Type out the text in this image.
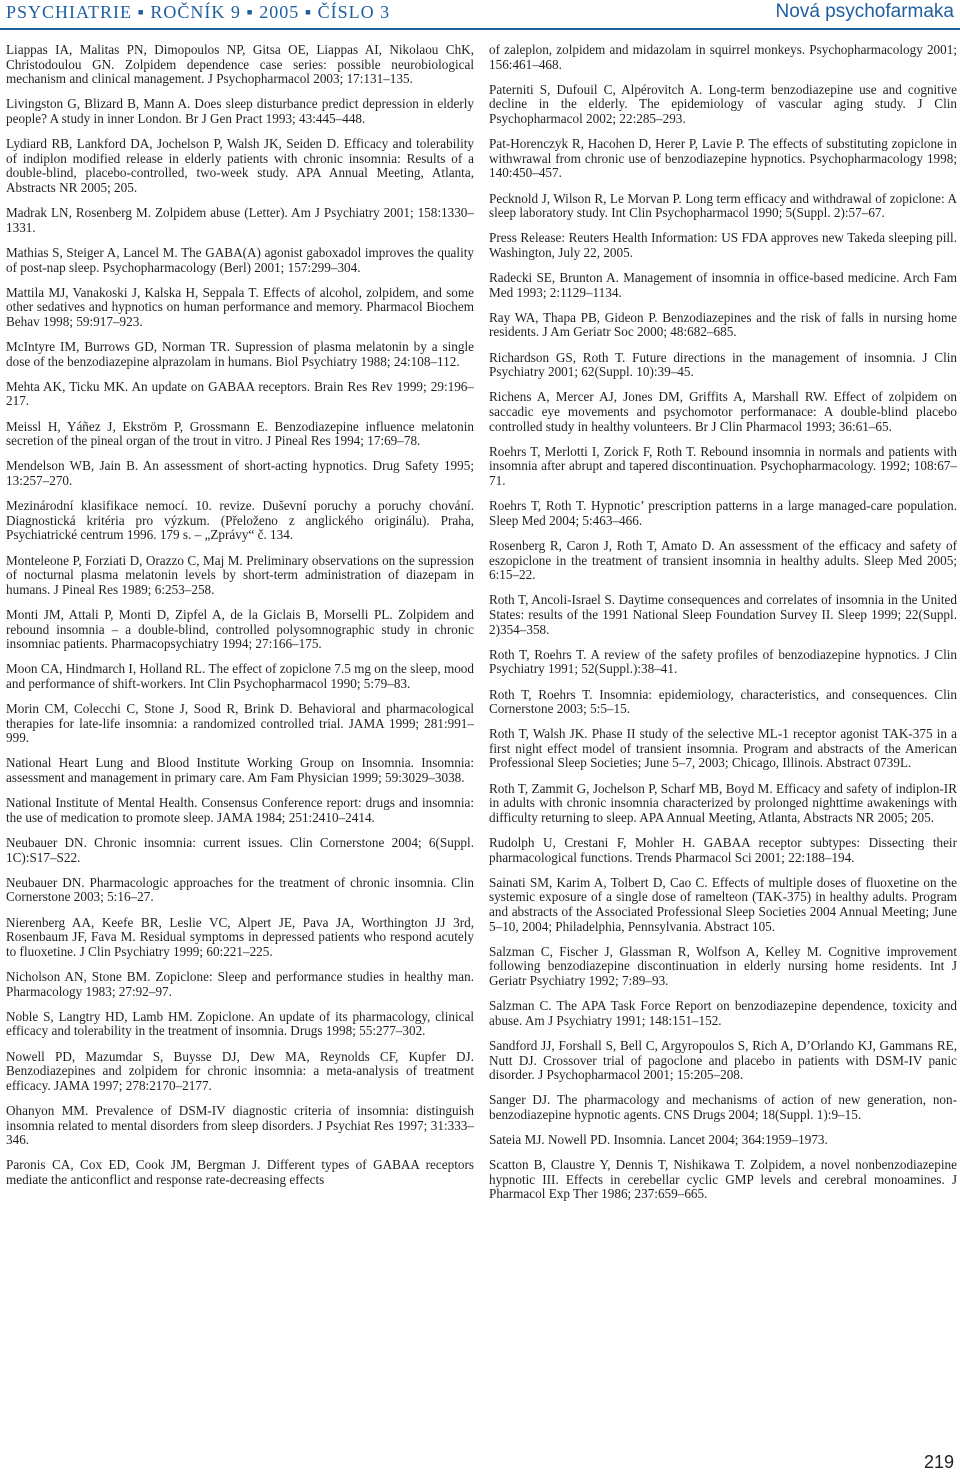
PSYCHIATRIE ▪ ROČNÍK 9 ▪ 2005 ▪ ČÍSLO 3	Nová psychofarmaka

Liappas IA, Malitas PN, Dimopoulos NP, Gitsa OE, Liappas AI, Nikolaou ChK, Christodoulou GN. Zolpidem dependence case series: possible neurobiological mechanism and clinical management. J Psychopharmacol 2003; 17:131–135.

Livingston G, Blizard B, Mann A. Does sleep disturbance predict depression in elderly people? A study in inner London. Br J Gen Pract 1993; 43:445–448.

Lydiard RB, Lankford DA, Jochelson P, Walsh JK, Seiden D. Efficacy and tolerability of indiplon modified release in elderly patients with chronic insomnia: Results of a double-blind, placebo-controlled, two-week study. APA Annual Meeting, Atlanta, Abstracts NR 2005; 205.

Madrak LN, Rosenberg M. Zolpidem abuse (Letter). Am J Psychiatry 2001; 158:1330–1331.

Mathias S, Steiger A, Lancel M. The GABA(A) agonist gaboxadol improves the quality of post-nap sleep. Psychopharmacology (Berl) 2001; 157:299–304.

Mattila MJ, Vanakoski J, Kalska H, Seppala T. Effects of alcohol, zolpidem, and some other sedatives and hypnotics on human performance and memory. Pharmacol Biochem Behav 1998; 59:917–923.

McIntyre IM, Burrows GD, Norman TR. Supression of plasma melatonin by a single dose of the benzodiazepine alprazolam in humans. Biol Psychiatry 1988; 24:108–112.

Mehta AK, Ticku MK. An update on GABAA receptors. Brain Res Rev 1999; 29:196–217.

Meissl H, Yáñez J, Ekström P, Grossmann E. Benzodiazepine influence melatonin secretion of the pineal organ of the trout in vitro. J Pineal Res 1994; 17:69–78.

Mendelson WB, Jain B. An assessment of short-acting hypnotics. Drug Safety 1995; 13:257–270.

Mezinárodní klasifikace nemocí. 10. revize. Duševní poruchy a poruchy chování. Diagnostická kritéria pro výzkum. (Přeloženo z anglického originálu). Praha, Psychiatrické centrum 1996. 179 s. – „Zprávy“ č. 134.

Monteleone P, Forziati D, Orazzo C, Maj M. Preliminary observations on the supression of nocturnal plasma melatonin levels by short-term administration of diazepam in humans. J Pineal Res 1989; 6:253–258.

Monti JM, Attali P, Monti D, Zipfel A, de la Giclais B, Morselli PL. Zolpidem and rebound insomnia – a double-blind, controlled polysomnographic study in chronic insomniac patients. Pharmacopsychiatry 1994; 27:166–175.

Moon CA, Hindmarch I, Holland RL. The effect of zopiclone 7.5 mg on the sleep, mood and performance of shift-workers. Int Clin Psychopharmacol 1990; 5:79–83.

Morin CM, Colecchi C, Stone J, Sood R, Brink D. Behavioral and pharmacological therapies for late-life insomnia: a randomized controlled trial. JAMA 1999; 281:991–999.

National Heart Lung and Blood Institute Working Group on Insomnia. Insomnia: assessment and management in primary care. Am Fam Physician 1999; 59:3029–3038.

National Institute of Mental Health. Consensus Conference report: drugs and insomnia: the use of medication to promote sleep. JAMA 1984; 251:2410–2414.

Neubauer DN. Chronic insomnia: current issues. Clin Cornerstone 2004; 6(Suppl. 1C):S17–S22.

Neubauer DN. Pharmacologic approaches for the treatment of chronic insomnia. Clin Cornerstone 2003; 5:16–27.

Nierenberg AA, Keefe BR, Leslie VC, Alpert JE, Pava JA, Worthington JJ 3rd, Rosenbaum JF, Fava M. Residual symptoms in depressed patients who respond acutely to fluoxetine. J Clin Psychiatry 1999; 60:221–225.

Nicholson AN, Stone BM. Zopiclone: Sleep and performance studies in healthy man. Pharmacology 1983; 27:92–97.

Noble S, Langtry HD, Lamb HM. Zopiclone. An update of its pharmacology, clinical efficacy and tolerability in the treatment of insomnia. Drugs 1998; 55:277–302.

Nowell PD, Mazumdar S, Buysse DJ, Dew MA, Reynolds CF, Kupfer DJ. Benzodiazepines and zolpidem for chronic insomnia: a meta-analysis of treatment efficacy. JAMA 1997; 278:2170–2177.

Ohanyon MM. Prevalence of DSM-IV diagnostic criteria of insomnia: distinguish insomnia related to mental disorders from sleep disorders. J Psychiat Res 1997; 31:333–346.

Paronis CA, Cox ED, Cook JM, Bergman J. Different types of GABAA receptors mediate the anticonflict and response rate-decreasing effects

of zaleplon, zolpidem and midazolam in squirrel monkeys. Psychopharmacology 2001; 156:461–468.

Paterniti S, Dufouil C, Alpérovitch A. Long-term benzodiazepine use and cognitive decline in the elderly. The epidemiology of vascular aging study. J Clin Psychopharmacol 2002; 22:285–293.

Pat-Horenczyk R, Hacohen D, Herer P, Lavie P. The effects of substituting zopiclone in withwrawal from chronic use of benzodiazepine hypnotics. Psychopharmacology 1998; 140:450–457.

Pecknold J, Wilson R, Le Morvan P. Long term efficacy and withdrawal of zopiclone: A sleep laboratory study. Int Clin Psychopharmacol 1990; 5(Suppl. 2):57–67.

Press Release: Reuters Health Information: US FDA approves new Takeda sleeping pill. Washington, July 22, 2005.

Radecki SE, Brunton A. Management of insomnia in office-based medicine. Arch Fam Med 1993; 2:1129–1134.

Ray WA, Thapa PB, Gideon P. Benzodiazepines and the risk of falls in nursing home residents. J Am Geriatr Soc 2000; 48:682–685.

Richardson GS, Roth T. Future directions in the management of insomnia. J Clin Psychiatry 2001; 62(Suppl. 10):39–45.

Richens A, Mercer AJ, Jones DM, Griffits A, Marshall RW. Effect of zolpidem on saccadic eye movements and psychomotor performanace: A double-blind placebo controlled study in healthy volunteers. Br J Clin Pharmacol 1993; 36:61–65.

Roehrs T, Merlotti I, Zorick F, Roth T. Rebound insomnia in normals and patients with insomnia after abrupt and tapered discontinuation. Psychopharmacology. 1992; 108:67–71.

Roehrs T, Roth T. Hypnotic’ prescription patterns in a large managed-care population. Sleep Med 2004; 5:463–466.

Rosenberg R, Caron J, Roth T, Amato D. An assessment of the efficacy and safety of eszopiclone in the treatment of transient insomnia in healthy adults. Sleep Med 2005; 6:15–22.

Roth T, Ancoli-Israel S. Daytime consequences and correlates of insomnia in the United States: results of the 1991 National Sleep Foundation Survey II. Sleep 1999; 22(Suppl. 2)354–358.

Roth T, Roehrs T. A review of the safety profiles of benzodiazepine hypnotics. J Clin Psychiatry 1991; 52(Suppl.):38–41.

Roth T, Roehrs T. Insomnia: epidemiology, characteristics, and consequences. Clin Cornerstone 2003; 5:5–15.

Roth T, Walsh JK. Phase II study of the selective ML-1 receptor agonist TAK-375 in a first night effect model of transient insomnia. Program and abstracts of the American Professional Sleep Societies; June 5–7, 2003; Chicago, Illinois. Abstract 0739L.

Roth T, Zammit G, Jochelson P, Scharf MB, Boyd M. Efficacy and safety of indiplon-IR in adults with chronic insomnia characterized by prolonged nighttime awakenings with difficulty returning to sleep. APA Annual Meeting, Atlanta, Abstracts NR 2005; 205.

Rudolph U, Crestani F, Mohler H. GABAA receptor subtypes: Dissecting their pharmacological functions. Trends Pharmacol Sci 2001; 22:188–194.

Sainati SM, Karim A, Tolbert D, Cao C. Effects of multiple doses of fluoxetine on the systemic exposure of a single dose of ramelteon (TAK-375) in healthy adults. Program and abstracts of the Associated Professional Sleep Societies 2004 Annual Meeting; June 5–10, 2004; Philadelphia, Pennsylvania. Abstract 105.

Salzman C, Fischer J, Glassman R, Wolfson A, Kelley M. Cognitive improvement following benzodiazepine discontinuation in elderly nursing home residents. Int J Geriatr Psychiatry 1992; 7:89–93.

Salzman C. The APA Task Force Report on benzodiazepine dependence, toxicity and abuse. Am J Psychiatry 1991; 148:151–152.

Sandford JJ, Forshall S, Bell C, Argyropoulos S, Rich A, D’Orlando KJ, Gammans RE, Nutt DJ. Crossover trial of pagoclone and placebo in patients with DSM-IV panic disorder. J Psychopharmacol 2001; 15:205–208.

Sanger DJ. The pharmacology and mechanisms of action of new generation, non-benzodiazepine hypnotic agents. CNS Drugs 2004; 18(Suppl. 1):9–15.

Sateia MJ. Nowell PD. Insomnia. Lancet 2004; 364:1959–1973.

Scatton B, Claustre Y, Dennis T, Nishikawa T. Zolpidem, a novel nonbenzodiazepine hypnotic III. Effects in cerebellar cyclic GMP levels and cerebral monoamines. J Pharmacol Exp Ther 1986; 237:659–665.

219
